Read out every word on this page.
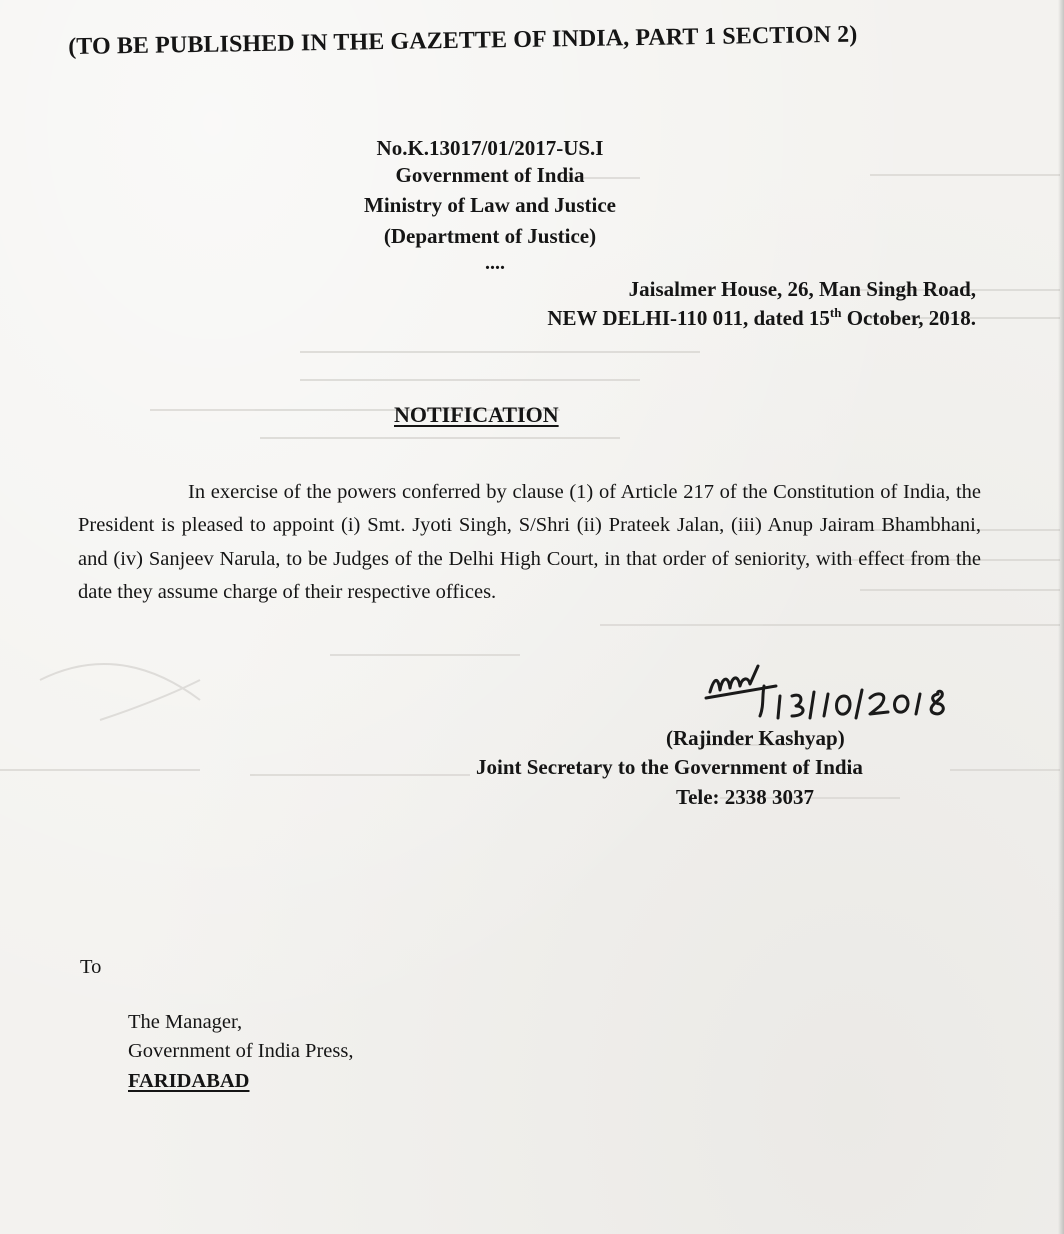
(TO BE PUBLISHED IN THE GAZETTE OF INDIA, PART 1 SECTION 2)
No.K.13017/01/2017-US.I
Government of India
Ministry of Law and Justice
(Department of Justice)
....
Jaisalmer House, 26, Man Singh Road,
NEW DELHI-110 011, dated 15th October, 2018.
NOTIFICATION

In exercise of the powers conferred by clause (1) of Article 217 of the Constitution of India, the President is pleased to appoint (i) Smt. Jyoti Singh, S/Shri (ii) Prateek Jalan, (iii) Anup Jairam Bhambhani, and (iv) Sanjeev Narula, to be Judges of the Delhi High Court, in that order of seniority, with effect from the date they assume charge of their respective offices.

(Rajinder Kashyap)
Joint Secretary to the Government of India
Tele: 2338 3037
To
The Manager,
Government of India Press,
FARIDABAD
